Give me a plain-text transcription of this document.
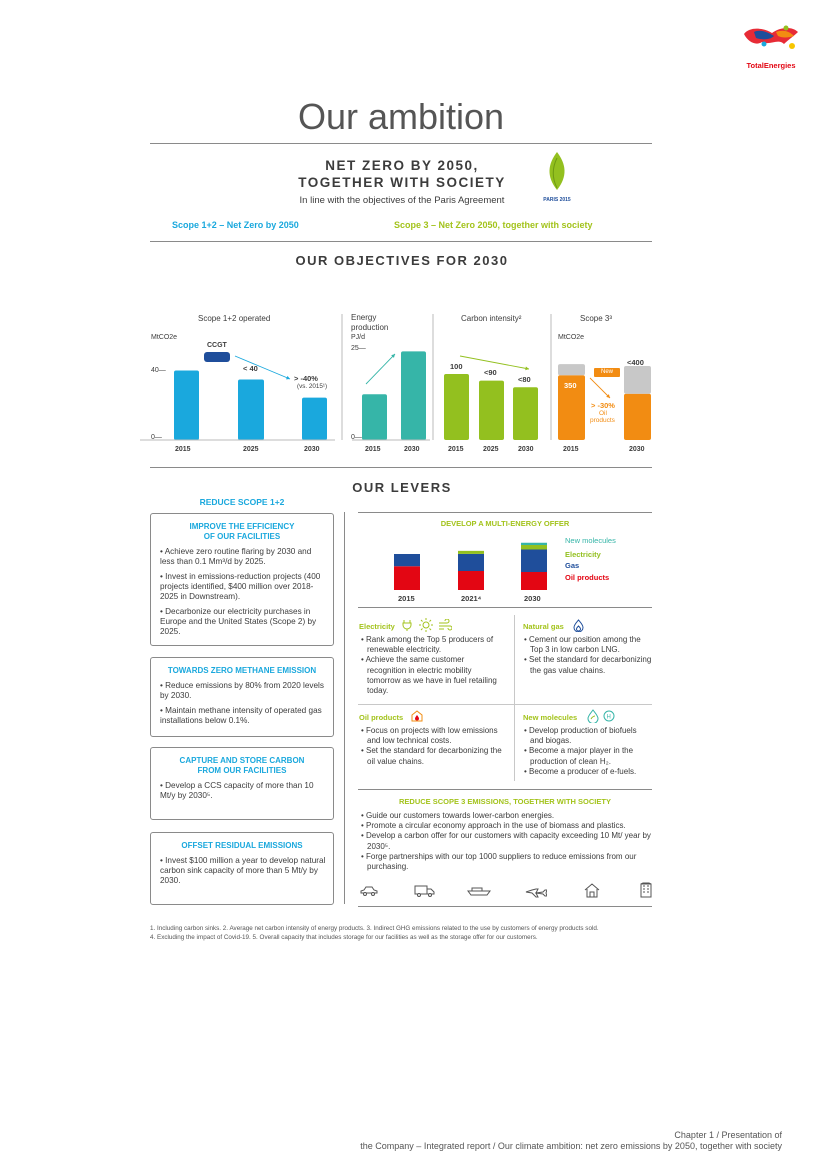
TotalEnergies
Our ambition
NET ZERO BY 2050,
TOGETHER WITH SOCIETY
In line with the objectives of the Paris Agreement	PARIS 2015
Scope 1+2 – Net Zero by 2050	Scope 3 – Net Zero 2050, together with society
OUR OBJECTIVES FOR 2030
Scope 1+2 operated
MtCO2e
40—
0—
CCGT
< 40
> -40%
(vs. 2015¹)
2015	2025	2030
Energy production
PJ/d
25—
0—
2015	2030
Carbon intensity²
100
<90
<80
2015	2025	2030
Scope 3³
MtCO2e
350
<400
New
> -30%
Oil
products
2015	2030
OUR LEVERS
REDUCE SCOPE 1+2
IMPROVE THE EFFICIENCY
OF OUR FACILITIES
• Achieve zero routine flaring by 2030 and less than 0.1 Mm³/d by 2025.
• Invest in emissions-reduction projects (400 projects identified, $400 million over 2018-2025 in Downstream).
• Decarbonize our electricity purchases in Europe and the United States (Scope 2) by 2025.
TOWARDS ZERO METHANE EMISSION
• Reduce emissions by 80% from 2020 levels by 2030.
• Maintain methane intensity of operated gas installations below 0.1%.
CAPTURE AND STORE CARBON
FROM OUR FACILITIES
• Develop a CCS capacity of more than 10 Mt/y by 2030⁵.
OFFSET RESIDUAL EMISSIONS
• Invest $100 million a year to develop natural carbon sink capacity of more than 5 Mt/y by 2030.
DEVELOP A MULTI-ENERGY OFFER
2015	2021⁴	2030
New molecules
Electricity
Gas
Oil products
Electricity
• Rank among the Top 5 producers of renewable electricity.
• Achieve the same customer recognition in electric mobility tomorrow as we have in fuel retailing today.
Natural gas
• Cement our position among the Top 3 in low carbon LNG.
• Set the standard for decarbonizing the gas value chains.
Oil products
• Focus on projects with low emissions and low technical costs.
• Set the standard for decarbonizing the oil value chains.
New molecules	H
• Develop production of biofuels and biogas.
• Become a major player in the production of clean H₂.
• Become a producer of e-fuels.
REDUCE SCOPE 3 EMISSIONS, TOGETHER WITH SOCIETY
• Guide our customers towards lower-carbon energies.
• Promote a circular economy approach in the use of biomass and plastics.
• Develop a carbon offer for our customers with capacity exceeding 10 Mt/ year by 2030⁵.
• Forge partnerships with our top 1000 suppliers to reduce emissions from our purchasing.
1. Including carbon sinks. 2. Average net carbon intensity of energy products. 3. Indirect GHG emissions related to the use by customers of energy products sold.
4. Excluding the impact of Covid-19. 5. Overall capacity that includes storage for our facilities as well as the storage offer for our customers.
Chapter 1 / Presentation of
the Company – Integrated report / Our climate ambition: net zero emissions by 2050, together with society
